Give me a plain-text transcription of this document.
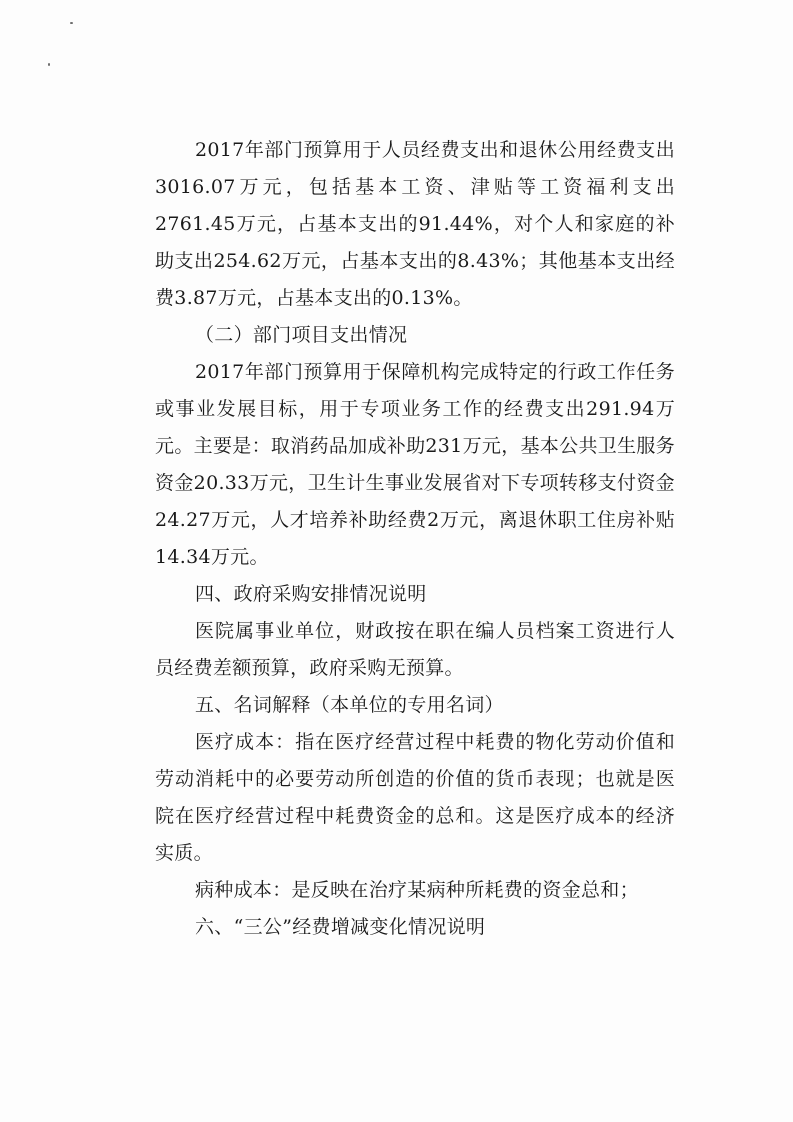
2017年部门预算用于人员经费支出和退休公用经费支出3016.07万元，包括基本工资、津贴等工资福利支出2761.45万元，占基本支出的91.44%，对个人和家庭的补助支出254.62万元，占基本支出的8.43%；其他基本支出经费3.87万元，占基本支出的0.13%。

（二）部门项目支出情况

2017年部门预算用于保障机构完成特定的行政工作任务或事业发展目标，用于专项业务工作的经费支出291.94万元。主要是：取消药品加成补助231万元，基本公共卫生服务资金20.33万元，卫生计生事业发展省对下专项转移支付资金24.27万元，人才培养补助经费2万元，离退休职工住房补贴14.34万元。

四、政府采购安排情况说明

医院属事业单位，财政按在职在编人员档案工资进行人员经费差额预算，政府采购无预算。

五、名词解释（本单位的专用名词）

医疗成本：指在医疗经营过程中耗费的物化劳动价值和劳动消耗中的必要劳动所创造的价值的货币表现；也就是医院在医疗经营过程中耗费资金的总和。这是医疗成本的经济实质。

病种成本：是反映在治疗某病种所耗费的资金总和；

六、“三公”经费增减变化情况说明
